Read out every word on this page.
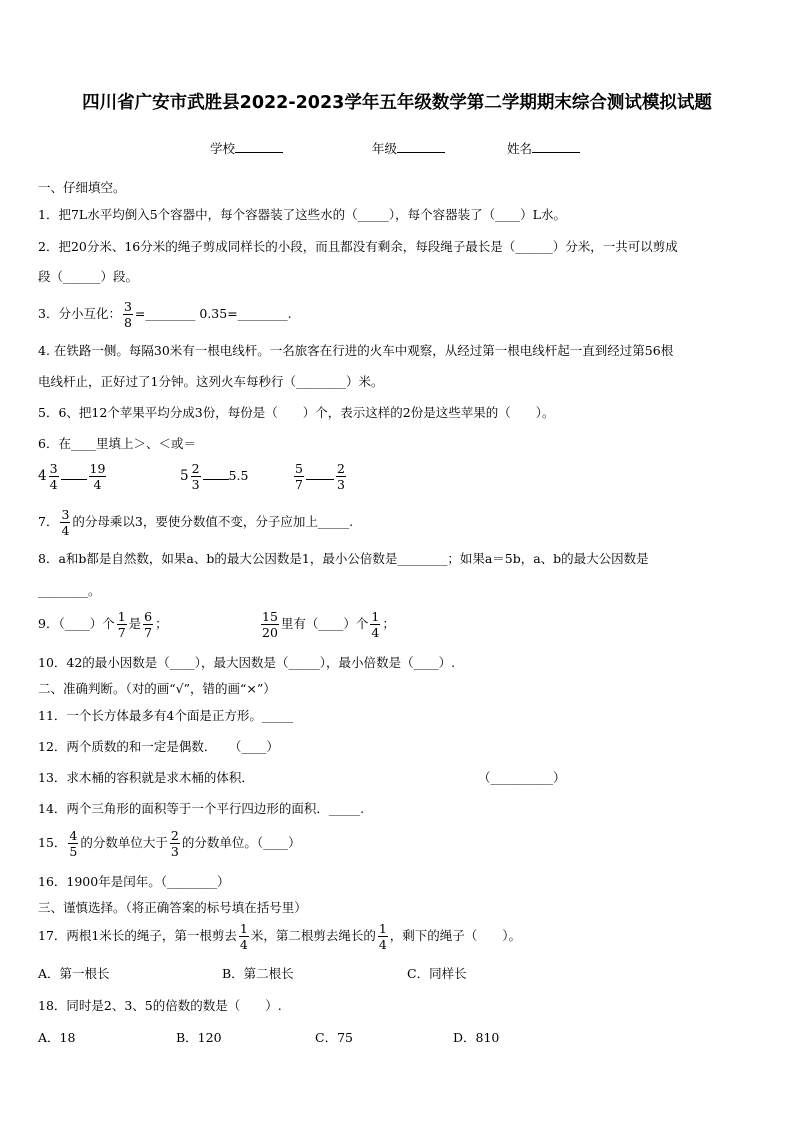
四川省广安市武胜县2022-2023学年五年级数学第二学期期末综合测试模拟试题
学校	年级	姓名
一、仔细填空。
1．把7L水平均倒入5个容器中，每个容器装了这些水的（_____），每个容器装了（____）L水。
2．把20分米、16分米的绳子剪成同样长的小段，而且都没有剩余，每段绳子最长是（______）分米，一共可以剪成
段（______）段。
3．分小互化： $\frac{3}{8}$ =________ 0.35=________.
4. 在铁路一侧。每隔30米有一根电线杆。一名旅客在行进的火车中观察，从经过第一根电线杆起一直到经过第56根
电线杆止，正好过了1分钟。这列火车每秒行（________）米。
5．6、把12个苹果平均分成3份，每份是（　　）个，表示这样的2份是这些苹果的（　　）。
6．在____里填上＞、＜或＝
$4 \frac{3}{4} \frac{19}{4}$	$5 \frac{2}{3} 5.5$	$\frac{5}{7}$	$\frac{2}{3}$
7． $\frac{3}{4}$ 的分母乘以3，要使分数值不变，分子应加上_____.
8．a和b都是自然数，如果a、b的最大公因数是1，最小公倍数是________；如果a＝5b，a、b的最大公因数是
________。
9．（____）个 $\frac{1}{7}$ 是 $\frac{6}{7}$ ；	$\frac{15}{20}$ 里有（____）个 $\frac{1}{4}$ ；
10．42的最小因数是（____），最大因数是（_____），最小倍数是（____）.
二、准确判断。（对的画“√”，错的画“×”）
11．一个长方体最多有4个面是正方形。_____
12．两个质数的和一定是偶数．　　（____）
13．求木桶的容积就是求木桶的体积．	（__________）
14．两个三角形的面积等于一个平行四边形的面积．_____.
15． $\frac{4}{5}$ 的分数单位大于 $\frac{2}{3}$ 的分数单位。（____）
16．1900年是闰年。（________）
三、谨慎选择。（将正确答案的标号填在括号里）
17．两根1米长的绳子，第一根剪去 $\frac{1}{4}$ 米，第二根剪去绳长的 $\frac{1}{4}$ ，剩下的绳子（　　）。
A．第一根长	B．第二根长	C．同样长
18．同时是2、3、5的倍数的数是（　　）.
A．18	B．120	C．75	D．810
